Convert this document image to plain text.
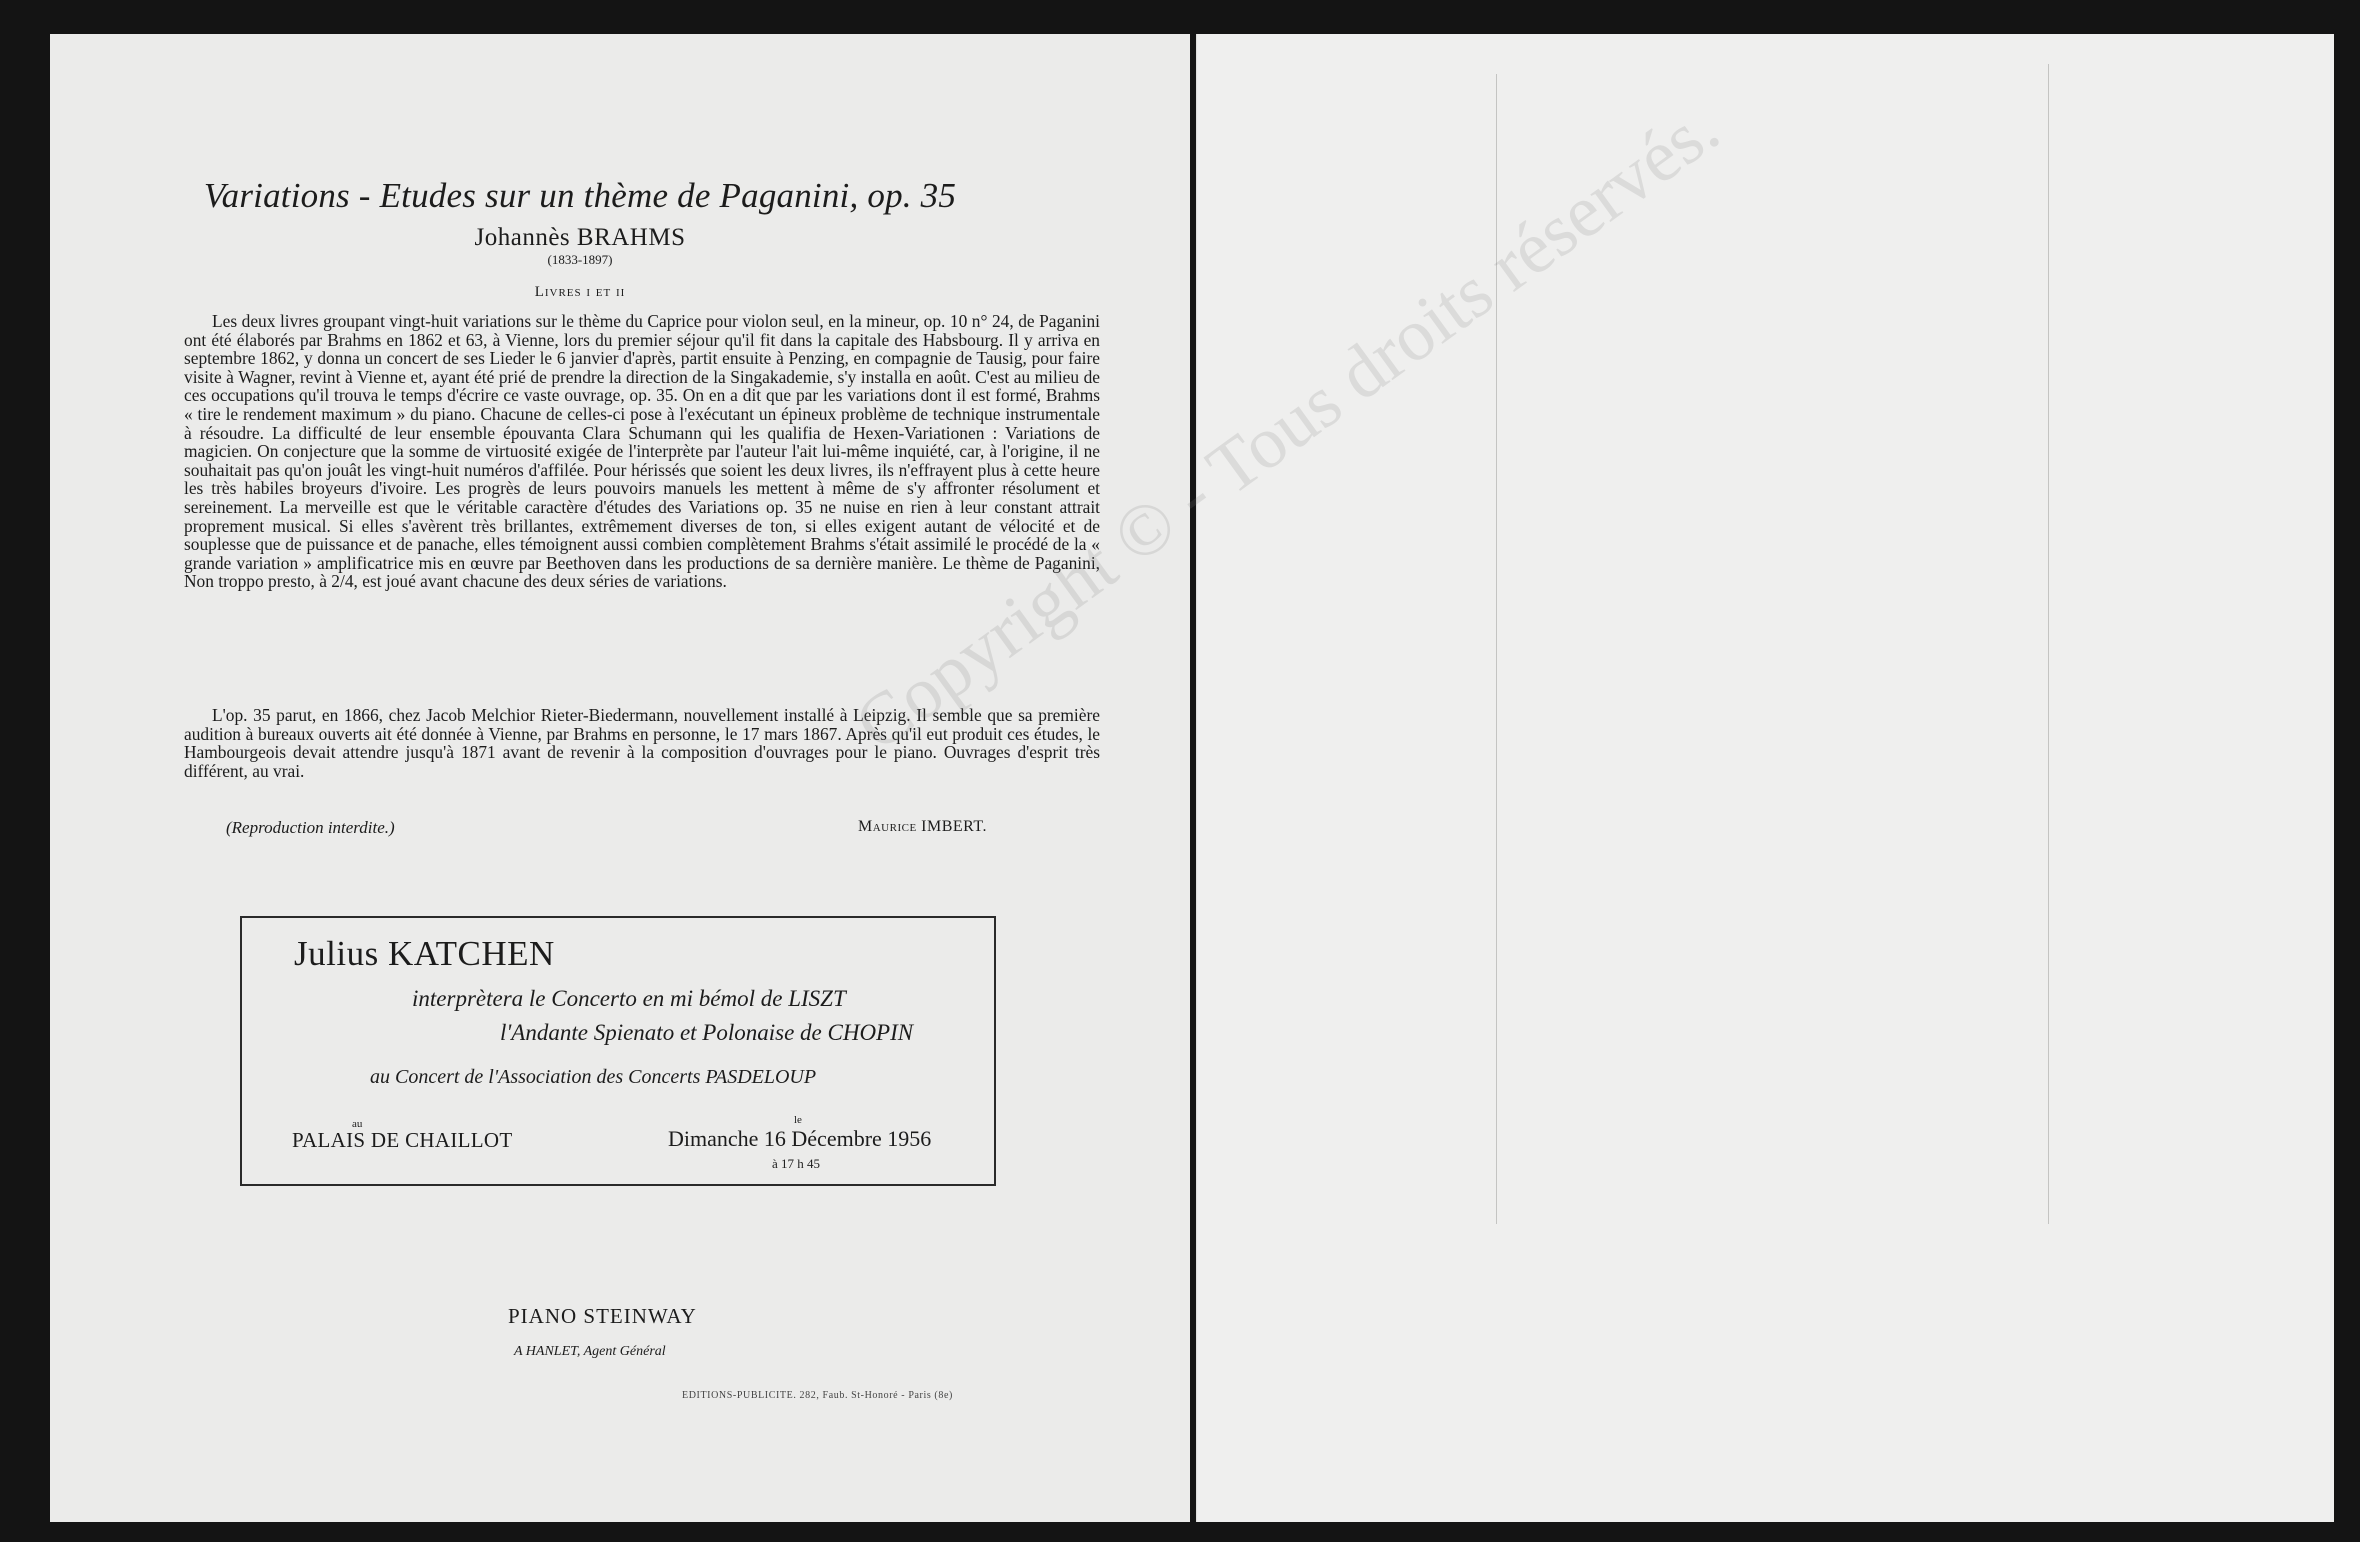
Variations - Etudes sur un thème de Paganini, op. 35
Johannès BRAHMS
(1833-1897)
Livres i et ii

Les deux livres groupant vingt-huit variations sur le thème du Caprice pour violon seul, en la mineur, op. 10 n° 24, de Paganini ont été élaborés par Brahms en 1862 et 63, à Vienne, lors du premier séjour qu'il fit dans la capitale des Habsbourg. Il y arriva en septembre 1862, y donna un concert de ses Lieder le 6 janvier d'après, partit ensuite à Penzing, en compagnie de Tausig, pour faire visite à Wagner, revint à Vienne et, ayant été prié de prendre la direction de la Singakademie, s'y installa en août. C'est au milieu de ces occupations qu'il trouva le temps d'écrire ce vaste ouvrage, op. 35. On en a dit que par les variations dont il est formé, Brahms « tire le rendement maximum » du piano. Chacune de celles-ci pose à l'exécutant un épineux problème de technique instrumentale à résoudre. La difficulté de leur ensemble épouvanta Clara Schumann qui les qualifia de Hexen-Variationen : Variations de magicien. On conjecture que la somme de virtuosité exigée de l'interprète par l'auteur l'ait lui-même inquiété, car, à l'origine, il ne souhaitait pas qu'on jouât les vingt-huit numéros d'affilée. Pour hérissés que soient les deux livres, ils n'effrayent plus à cette heure les très habiles broyeurs d'ivoire. Les progrès de leurs pouvoirs manuels les mettent à même de s'y affronter résolument et sereinement. La merveille est que le véritable caractère d'études des Variations op. 35 ne nuise en rien à leur constant attrait proprement musical. Si elles s'avèrent très brillantes, extrêmement diverses de ton, si elles exigent autant de vélocité et de souplesse que de puissance et de panache, elles témoignent aussi combien complètement Brahms s'était assimilé le procédé de la « grande variation » amplificatrice mis en œuvre par Beethoven dans les productions de sa dernière manière. Le thème de Paganini, Non troppo presto, à 2/4, est joué avant chacune des deux séries de variations.

L'op. 35 parut, en 1866, chez Jacob Melchior Rieter-Biedermann, nouvellement installé à Leipzig. Il semble que sa première audition à bureaux ouverts ait été donnée à Vienne, par Brahms en personne, le 17 mars 1867. Après qu'il eut produit ces études, le Hambourgeois devait attendre jusqu'à 1871 avant de revenir à la composition d'ouvrages pour le piano. Ouvrages d'esprit très différent, au vrai.

(Reproduction interdite.)	Maurice IMBERT.
Julius KATCHEN
interprètera le Concerto en mi bémol de LISZT
l'Andante Spienato et Polonaise de CHOPIN
au Concert de l'Association des Concerts PASDELOUP
au
PALAIS DE CHAILLOT
le
Dimanche 16 Décembre 1956
à 17 h 45
PIANO STEINWAY
A HANLET, Agent Général
EDITIONS-PUBLICITE. 282, Faub. St-Honoré - Paris (8e)
-
